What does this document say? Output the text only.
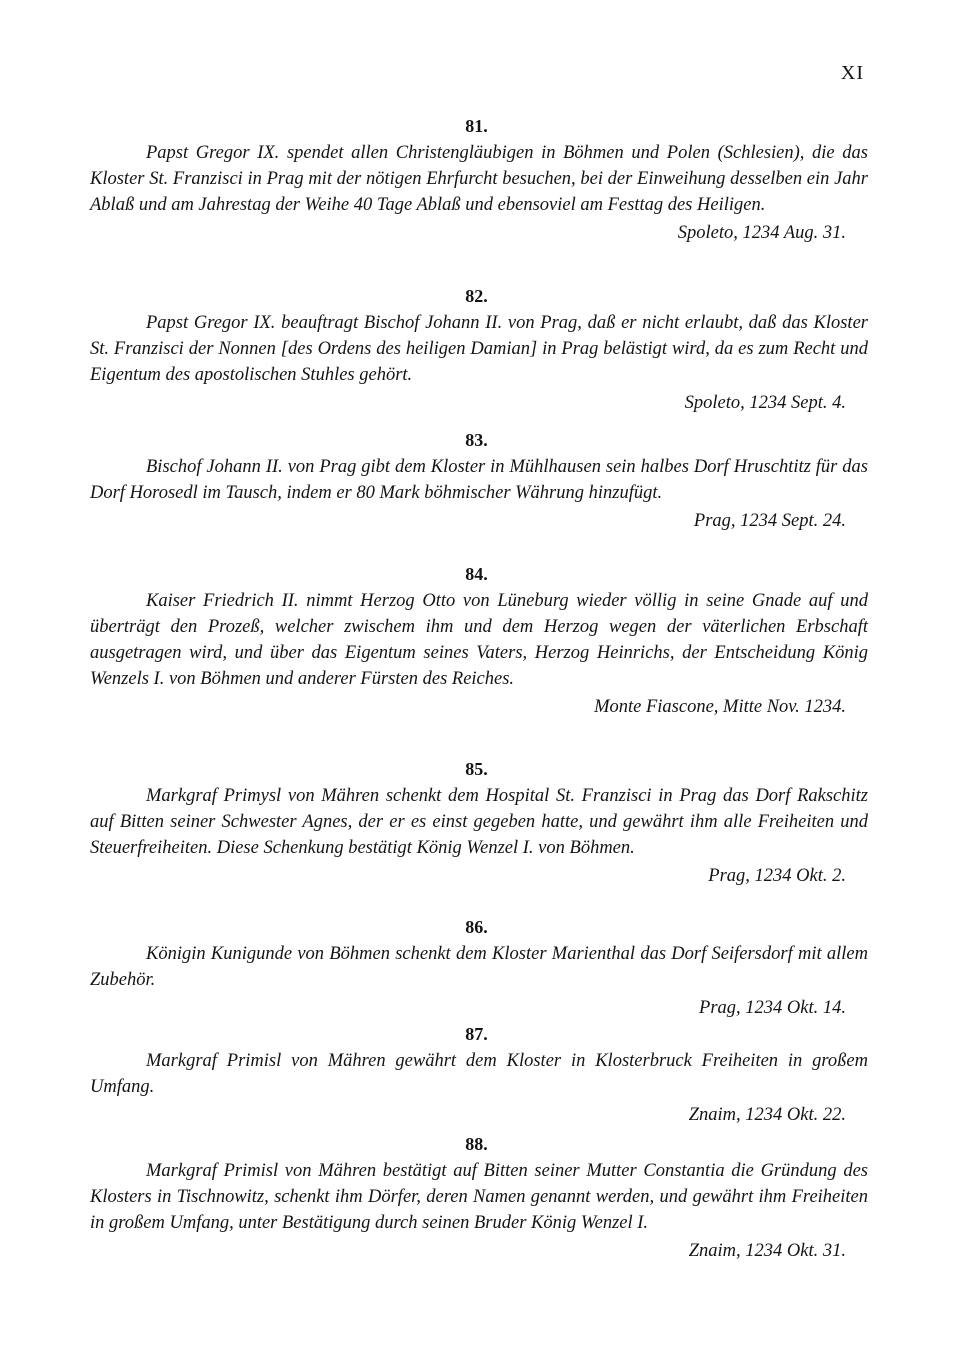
XI
81.

Papst Gregor IX. spendet allen Christengläubigen in Böhmen und Polen (Schlesien), die das Kloster St. Franzisci in Prag mit der nötigen Ehrfurcht besuchen, bei der Einweihung desselben ein Jahr Ablaß und am Jahrestag der Weihe 40 Tage Ablaß und ebensoviel am Festtag des Heiligen.

Spoleto, 1234 Aug. 31.
82.

Papst Gregor IX. beauftragt Bischof Johann II. von Prag, daß er nicht erlaubt, daß das Kloster St. Franzisci der Nonnen [des Ordens des heiligen Damian] in Prag belästigt wird, da es zum Recht und Eigentum des apostolischen Stuhles gehört.

Spoleto, 1234 Sept. 4.
83.

Bischof Johann II. von Prag gibt dem Kloster in Mühlhausen sein halbes Dorf Hruschtitz für das Dorf Horosedl im Tausch, indem er 80 Mark böhmischer Währung hinzufügt.

Prag, 1234 Sept. 24.
84.

Kaiser Friedrich II. nimmt Herzog Otto von Lüneburg wieder völlig in seine Gnade auf und überträgt den Prozeß, welcher zwischem ihm und dem Herzog wegen der väterlichen Erbschaft ausgetragen wird, und über das Eigentum seines Vaters, Herzog Heinrichs, der Entscheidung König Wenzels I. von Böhmen und anderer Fürsten des Reiches.

Monte Fiascone, Mitte Nov. 1234.
85.

Markgraf Primysl von Mähren schenkt dem Hospital St. Franzisci in Prag das Dorf Rakschitz auf Bitten seiner Schwester Agnes, der er es einst gegeben hatte, und gewährt ihm alle Freiheiten und Steuerfreiheiten. Diese Schenkung bestätigt König Wenzel I. von Böhmen.

Prag, 1234 Okt. 2.
86.

Königin Kunigunde von Böhmen schenkt dem Kloster Marienthal das Dorf Seifersdorf mit allem Zubehör.

Prag, 1234 Okt. 14.
87.

Markgraf Primisl von Mähren gewährt dem Kloster in Klosterbruck Freiheiten in großem Umfang.

Znaim, 1234 Okt. 22.
88.

Markgraf Primisl von Mähren bestätigt auf Bitten seiner Mutter Constantia die Gründung des Klosters in Tischnowitz, schenkt ihm Dörfer, deren Namen genannt werden, und gewährt ihm Freiheiten in großem Umfang, unter Bestätigung durch seinen Bruder König Wenzel I.

Znaim, 1234 Okt. 31.
